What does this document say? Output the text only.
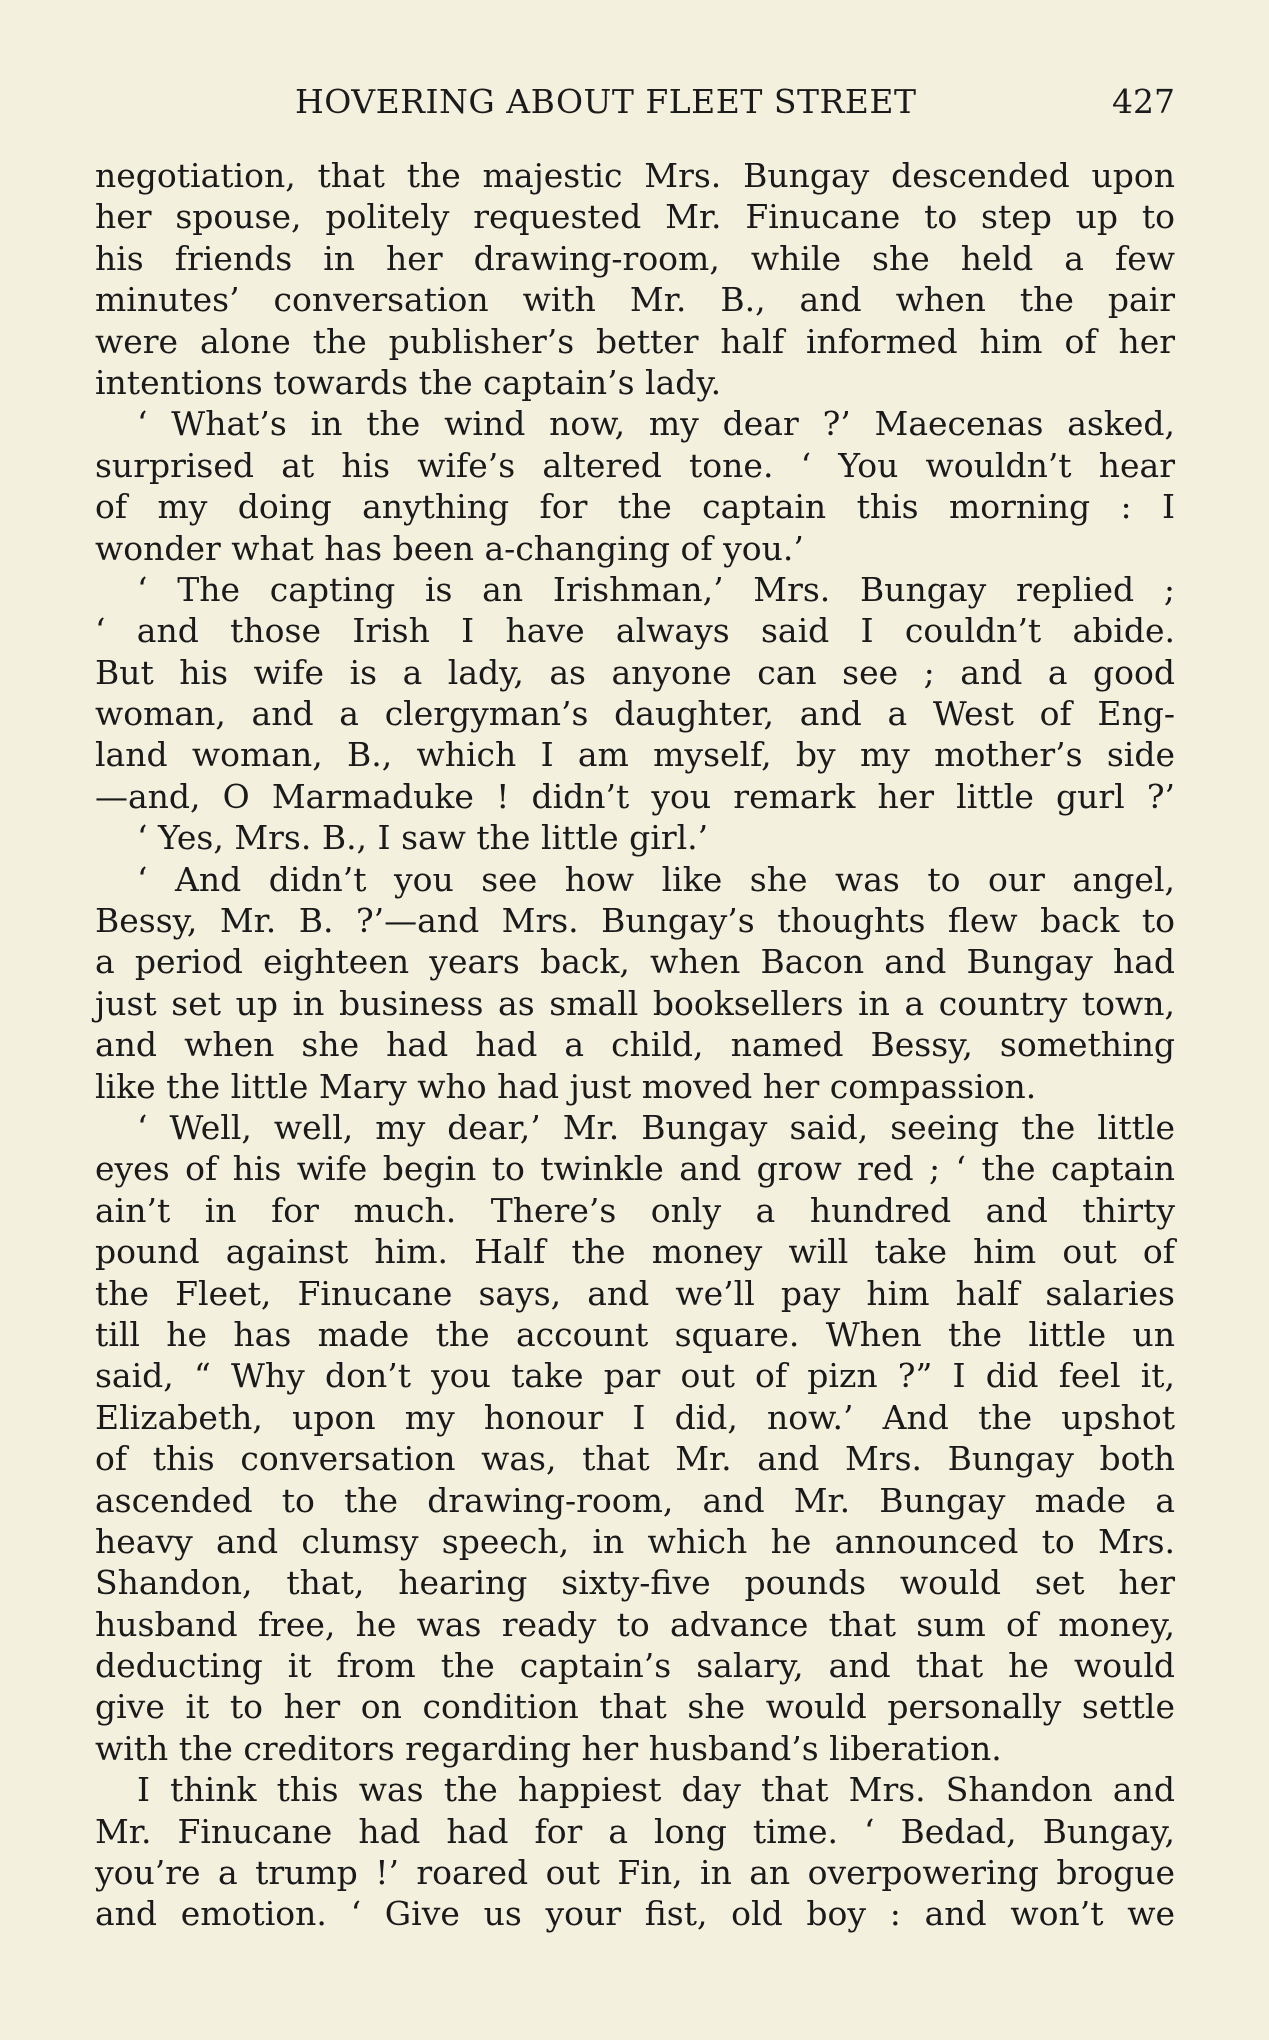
HOVERING ABOUT FLEET STREET	427
negotiation, that the majestic Mrs. Bungay descended upon
her spouse, politely requested Mr. Finucane to step up to
his friends in her drawing-room, while she held a few
minutes’ conversation with Mr. B., and when the pair
were alone the publisher’s better half informed him of her
intentions towards the captain’s lady.
‘ What’s in the wind now, my dear ?’ Maecenas asked,
surprised at his wife’s altered tone. ‘ You wouldn’t hear
of my doing anything for the captain this morning : I
wonder what has been a-changing of you.’
‘ The capting is an Irishman,’ Mrs. Bungay replied ;
‘ and those Irish I have always said I couldn’t abide.
But his wife is a lady, as anyone can see ; and a good
woman, and a clergyman’s daughter, and a West of Eng-
land woman, B., which I am myself, by my mother’s side
—and, O Marmaduke ! didn’t you remark her little gurl ?’
‘ Yes, Mrs. B., I saw the little girl.’
‘ And didn’t you see how like she was to our angel,
Bessy, Mr. B. ?’—and Mrs. Bungay’s thoughts flew back to
a period eighteen years back, when Bacon and Bungay had
just set up in business as small booksellers in a country town,
and when she had had a child, named Bessy, something
like the little Mary who had just moved her compassion.
‘ Well, well, my dear,’ Mr. Bungay said, seeing the little
eyes of his wife begin to twinkle and grow red ; ‘ the captain
ain’t in for much. There’s only a hundred and thirty
pound against him. Half the money will take him out of
the Fleet, Finucane says, and we’ll pay him half salaries
till he has made the account square. When the little un
said, “ Why don’t you take par out of pizn ?” I did feel it,
Elizabeth, upon my honour I did, now.’ And the upshot
of this conversation was, that Mr. and Mrs. Bungay both
ascended to the drawing-room, and Mr. Bungay made a
heavy and clumsy speech, in which he announced to Mrs.
Shandon, that, hearing sixty-five pounds would set her
husband free, he was ready to advance that sum of money,
deducting it from the captain’s salary, and that he would
give it to her on condition that she would personally settle
with the creditors regarding her husband’s liberation.
I think this was the happiest day that Mrs. Shandon and
Mr. Finucane had had for a long time. ‘ Bedad, Bungay,
you’re a trump !’ roared out Fin, in an overpowering brogue
and emotion. ‘ Give us your fist, old boy : and won’t we
